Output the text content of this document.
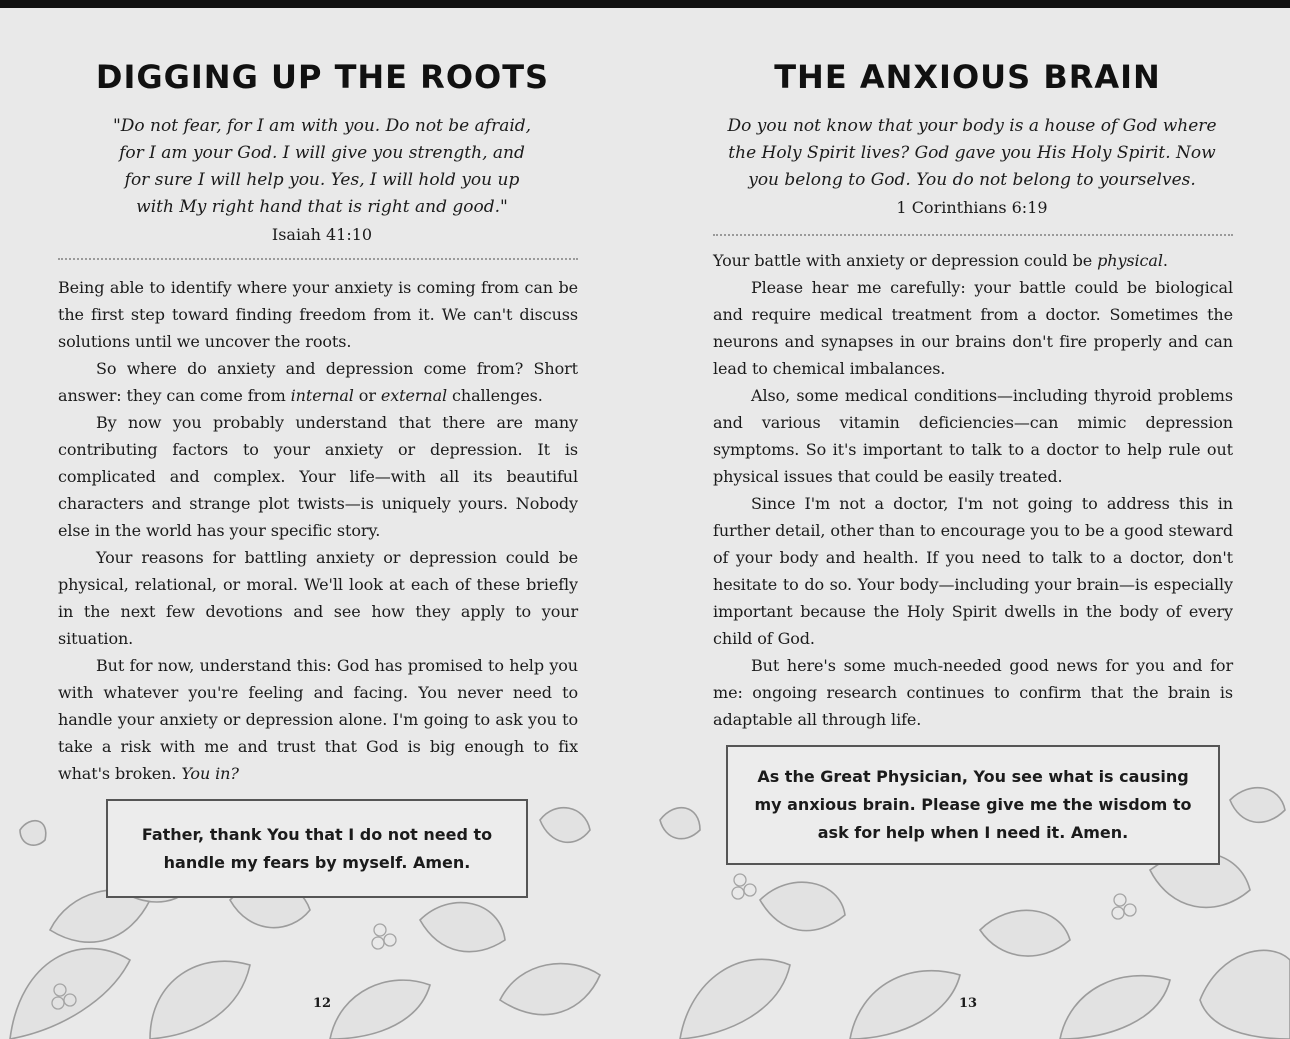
DIGGING UP THE ROOTS
"Do not fear, for I am with you. Do not be afraid,
for I am your God. I will give you strength, and
for sure I will help you. Yes, I will hold you up
with My right hand that is right and good."
Isaiah 41:10

Being able to identify where your anxiety is coming from can be the first step toward finding freedom from it. We can't discuss solutions until we uncover the roots.

So where do anxiety and depression come from? Short answer: they can come from internal or external challenges.

By now you probably understand that there are many contributing factors to your anxiety or depression. It is complicated and complex. Your life—with all its beautiful characters and strange plot twists—is uniquely yours. Nobody else in the world has your specific story.

Your reasons for battling anxiety or depression could be physical, relational, or moral. We'll look at each of these briefly in the next few devotions and see how they apply to your situation.

But for now, understand this: God has promised to help you with whatever you're feeling and facing. You never need to handle your anxiety or depression alone. I'm going to ask you to take a risk with me and trust that God is big enough to fix what's broken. You in?

Father, thank You that I do not need to handle my fears by myself. Amen.
12
THE ANXIOUS BRAIN
Do you not know that your body is a house of God where
the Holy Spirit lives? God gave you His Holy Spirit. Now
you belong to God. You do not belong to yourselves.
1 Corinthians 6:19

Your battle with anxiety or depression could be physical.

Please hear me carefully: your battle could be biological and require medical treatment from a doctor. Sometimes the neurons and synapses in our brains don't fire properly and can lead to chemical imbalances.

Also, some medical conditions—including thyroid problems and various vitamin deficiencies—can mimic depression symptoms. So it's important to talk to a doctor to help rule out physical issues that could be easily treated.

Since I'm not a doctor, I'm not going to address this in further detail, other than to encourage you to be a good steward of your body and health. If you need to talk to a doctor, don't hesitate to do so. Your body—including your brain—is especially important because the Holy Spirit dwells in the body of every child of God.

But here's some much-needed good news for you and for me: ongoing research continues to confirm that the brain is adaptable all through life.

As the Great Physician, You see what is causing my anxious brain. Please give me the wisdom to ask for help when I need it. Amen.
13
